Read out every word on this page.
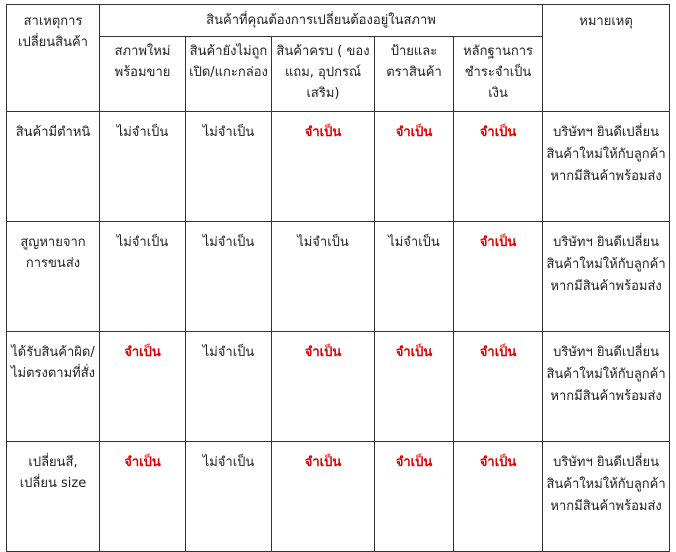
สาเหตุการเปลี่ยนสินค้า	สินค้าที่คุณต้องการเปลี่ยนต้องอยู่ในสภาพ					หมายเหตุ
	สภาพใหม่ พร้อมขาย	สินค้ายังไม่ถูกเปิด/แกะกล่อง	สินค้าครบ ( ของแถม, อุปกรณ์เสริม)	ป้ายและตราสินค้า	หลักฐานการชำระจำเป็นเงิน	
สินค้ามีตำหนิ	ไม่จำเป็น	ไม่จำเป็น	จำเป็น	จำเป็น	จำเป็น	บริษัทฯ ยินดีเปลี่ยนสินค้าใหม่ให้กับลูกค้า หากมีสินค้าพร้อมส่ง
สูญหายจากการขนส่ง	ไม่จำเป็น	ไม่จำเป็น	ไม่จำเป็น	ไม่จำเป็น	จำเป็น	บริษัทฯ ยินดีเปลี่ยนสินค้าใหม่ให้กับลูกค้า หากมีสินค้าพร้อมส่ง
ได้รับสินค้าผิด/ไม่ตรงตามที่สั่ง	จำเป็น	ไม่จำเป็น	จำเป็น	จำเป็น	จำเป็น	บริษัทฯ ยินดีเปลี่ยนสินค้าใหม่ให้กับลูกค้า หากมีสินค้าพร้อมส่ง
เปลี่ยนสี, เปลี่ยน size	จำเป็น	ไม่จำเป็น	จำเป็น	จำเป็น	จำเป็น	บริษัทฯ ยินดีเปลี่ยนสินค้าใหม่ให้กับลูกค้า หากมีสินค้าพร้อมส่ง
